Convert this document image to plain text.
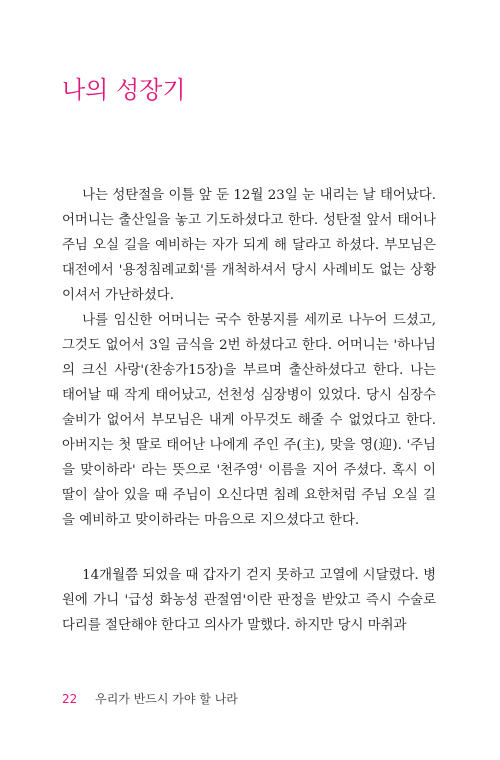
나의 성장기

나는 성탄절을 이틀 앞 둔 12월 23일 눈 내리는 날 태어났다. 어머니는 출산일을 놓고 기도하셨다고 한다. 성탄절 앞서 태어나 주님 오실 길을 예비하는 자가 되게 해 달라고 하셨다. 부모님은 대전에서 '용정침례교회'를 개척하셔서 당시 사례비도 없는 상황이셔서 가난하셨다.

나를 임신한 어머니는 국수 한봉지를 세끼로 나누어 드셨고, 그것도 없어서 3일 금식을 2번 하셨다고 한다. 어머니는 '하나님의 크신 사랑'(찬송가15장)을 부르며 출산하셨다고 한다. 나는 태어날 때 작게 태어났고, 선천성 심장병이 있었다. 당시 심장수술비가 없어서 부모님은 내게 아무것도 해줄 수 없었다고 한다. 아버지는 첫 딸로 태어난 나에게 주인 주(主), 맞을 영(迎). '주님을 맞이하라' 라는 뜻으로 '천주영' 이름을 지어 주셨다. 혹시 이 딸이 살아 있을 때 주님이 오신다면 침례 요한처럼 주님 오실 길을 예비하고 맞이하라는 마음으로 지으셨다고 한다.

14개월쯤 되었을 때 갑자기 걷지 못하고 고열에 시달렸다. 병원에 가니 '급성 화농성 관절염'이란 판정을 받았고 즉시 수술로 다리를 절단해야 한다고 의사가 말했다. 하지만 당시 마취과

22 우리가 반드시 가야 할 나라
